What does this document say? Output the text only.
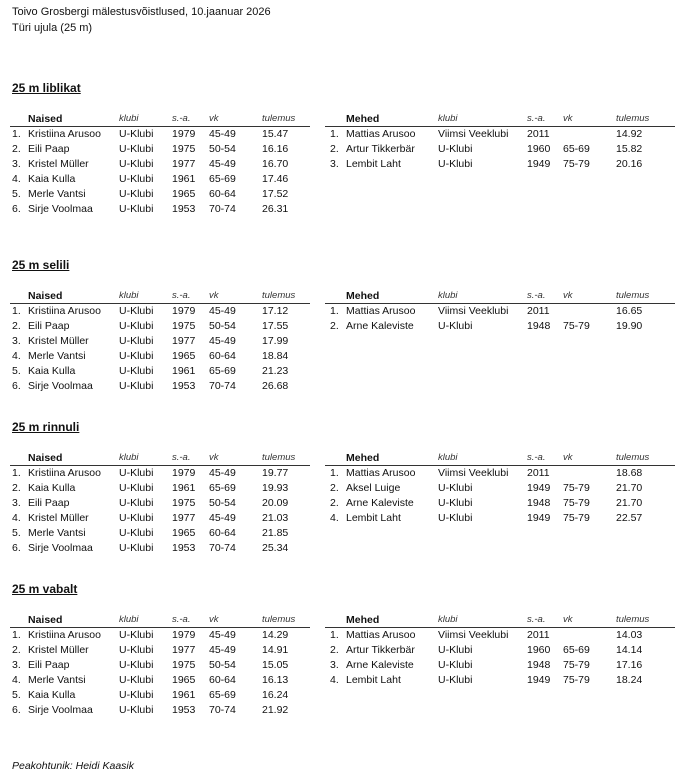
Toivo Grosbergi mälestusvõistlused, 10.jaanuar 2026
Türi ujula (25 m)
25 m liblikat
Naised	klubi	s.-a. vk	tulemus
1. Kristiina Arusoo U-Klubi 1979 45-49 15.47
2. Eili Paap	U-Klubi 1975 50-54 16.16
3. Kristel Müller	U-Klubi 1977 45-49 16.70
4. Kaia Kulla	U-Klubi 1961 65-69 17.46
5. Merle Vantsi	U-Klubi 1965 60-64 17.52
6. Sirje Voolmaa U-Klubi 1953 70-74 26.31
Mehed	klubi	s.-a. vk	tulemus
1. Mattias Arusoo Viimsi Veeklubi 2011	14.92
2. Artur Tikkerbär U-Klubi	1960 65-69 15.82
3. Lembit Laht	U-Klubi	1949 75-79 20.16
25 m selili
Naised	klubi	s.-a. vk	tulemus
1. Kristiina Arusoo U-Klubi 1979 45-49 17.12
2. Eili Paap	U-Klubi 1975 50-54 17.55
3. Kristel Müller	U-Klubi 1977 45-49 17.99
4. Merle Vantsi	U-Klubi 1965 60-64 18.84
5. Kaia Kulla	U-Klubi 1961 65-69 21.23
6. Sirje Voolmaa U-Klubi 1953 70-74 26.68
Mehed	klubi	s.-a. vk	tulemus
1. Mattias Arusoo Viimsi Veeklubi 2011	16.65
2. Arne Kaleviste U-Klubi	1948 75-79 19.90
25 m rinnuli
Naised	klubi	s.-a. vk	tulemus
1. Kristiina Arusoo U-Klubi 1979 45-49 19.77
2. Kaia Kulla	U-Klubi 1961 65-69 19.93
3. Eili Paap	U-Klubi 1975 50-54 20.09
4. Kristel Müller	U-Klubi 1977 45-49 21.03
5. Merle Vantsi	U-Klubi 1965 60-64 21.85
6. Sirje Voolmaa U-Klubi 1953 70-74 25.34
Mehed	klubi	s.-a. vk	tulemus
1. Mattias Arusoo Viimsi Veeklubi 2011	18.68
2. Aksel Luige	U-Klubi	1949 75-79 21.70
2. Arne Kaleviste U-Klubi	1948 75-79 21.70
4. Lembit Laht	U-Klubi	1949 75-79 22.57
25 m vabalt
Naised	klubi	s.-a. vk	tulemus
1. Kristiina Arusoo U-Klubi 1979 45-49 14.29
2. Kristel Müller	U-Klubi 1977 45-49 14.91
3. Eili Paap	U-Klubi 1975 50-54 15.05
4. Merle Vantsi	U-Klubi 1965 60-64 16.13
5. Kaia Kulla	U-Klubi 1961 65-69 16.24
6. Sirje Voolmaa U-Klubi 1953 70-74 21.92
Mehed	klubi	s.-a. vk	tulemus
1. Mattias Arusoo Viimsi Veeklubi 2011	14.03
2. Artur Tikkerbär U-Klubi	1960 65-69 14.14
3. Arne Kaleviste U-Klubi	1948 75-79 17.16
4. Lembit Laht	U-Klubi	1949 75-79 18.24
Peakohtunik: Heidi Kaasik
